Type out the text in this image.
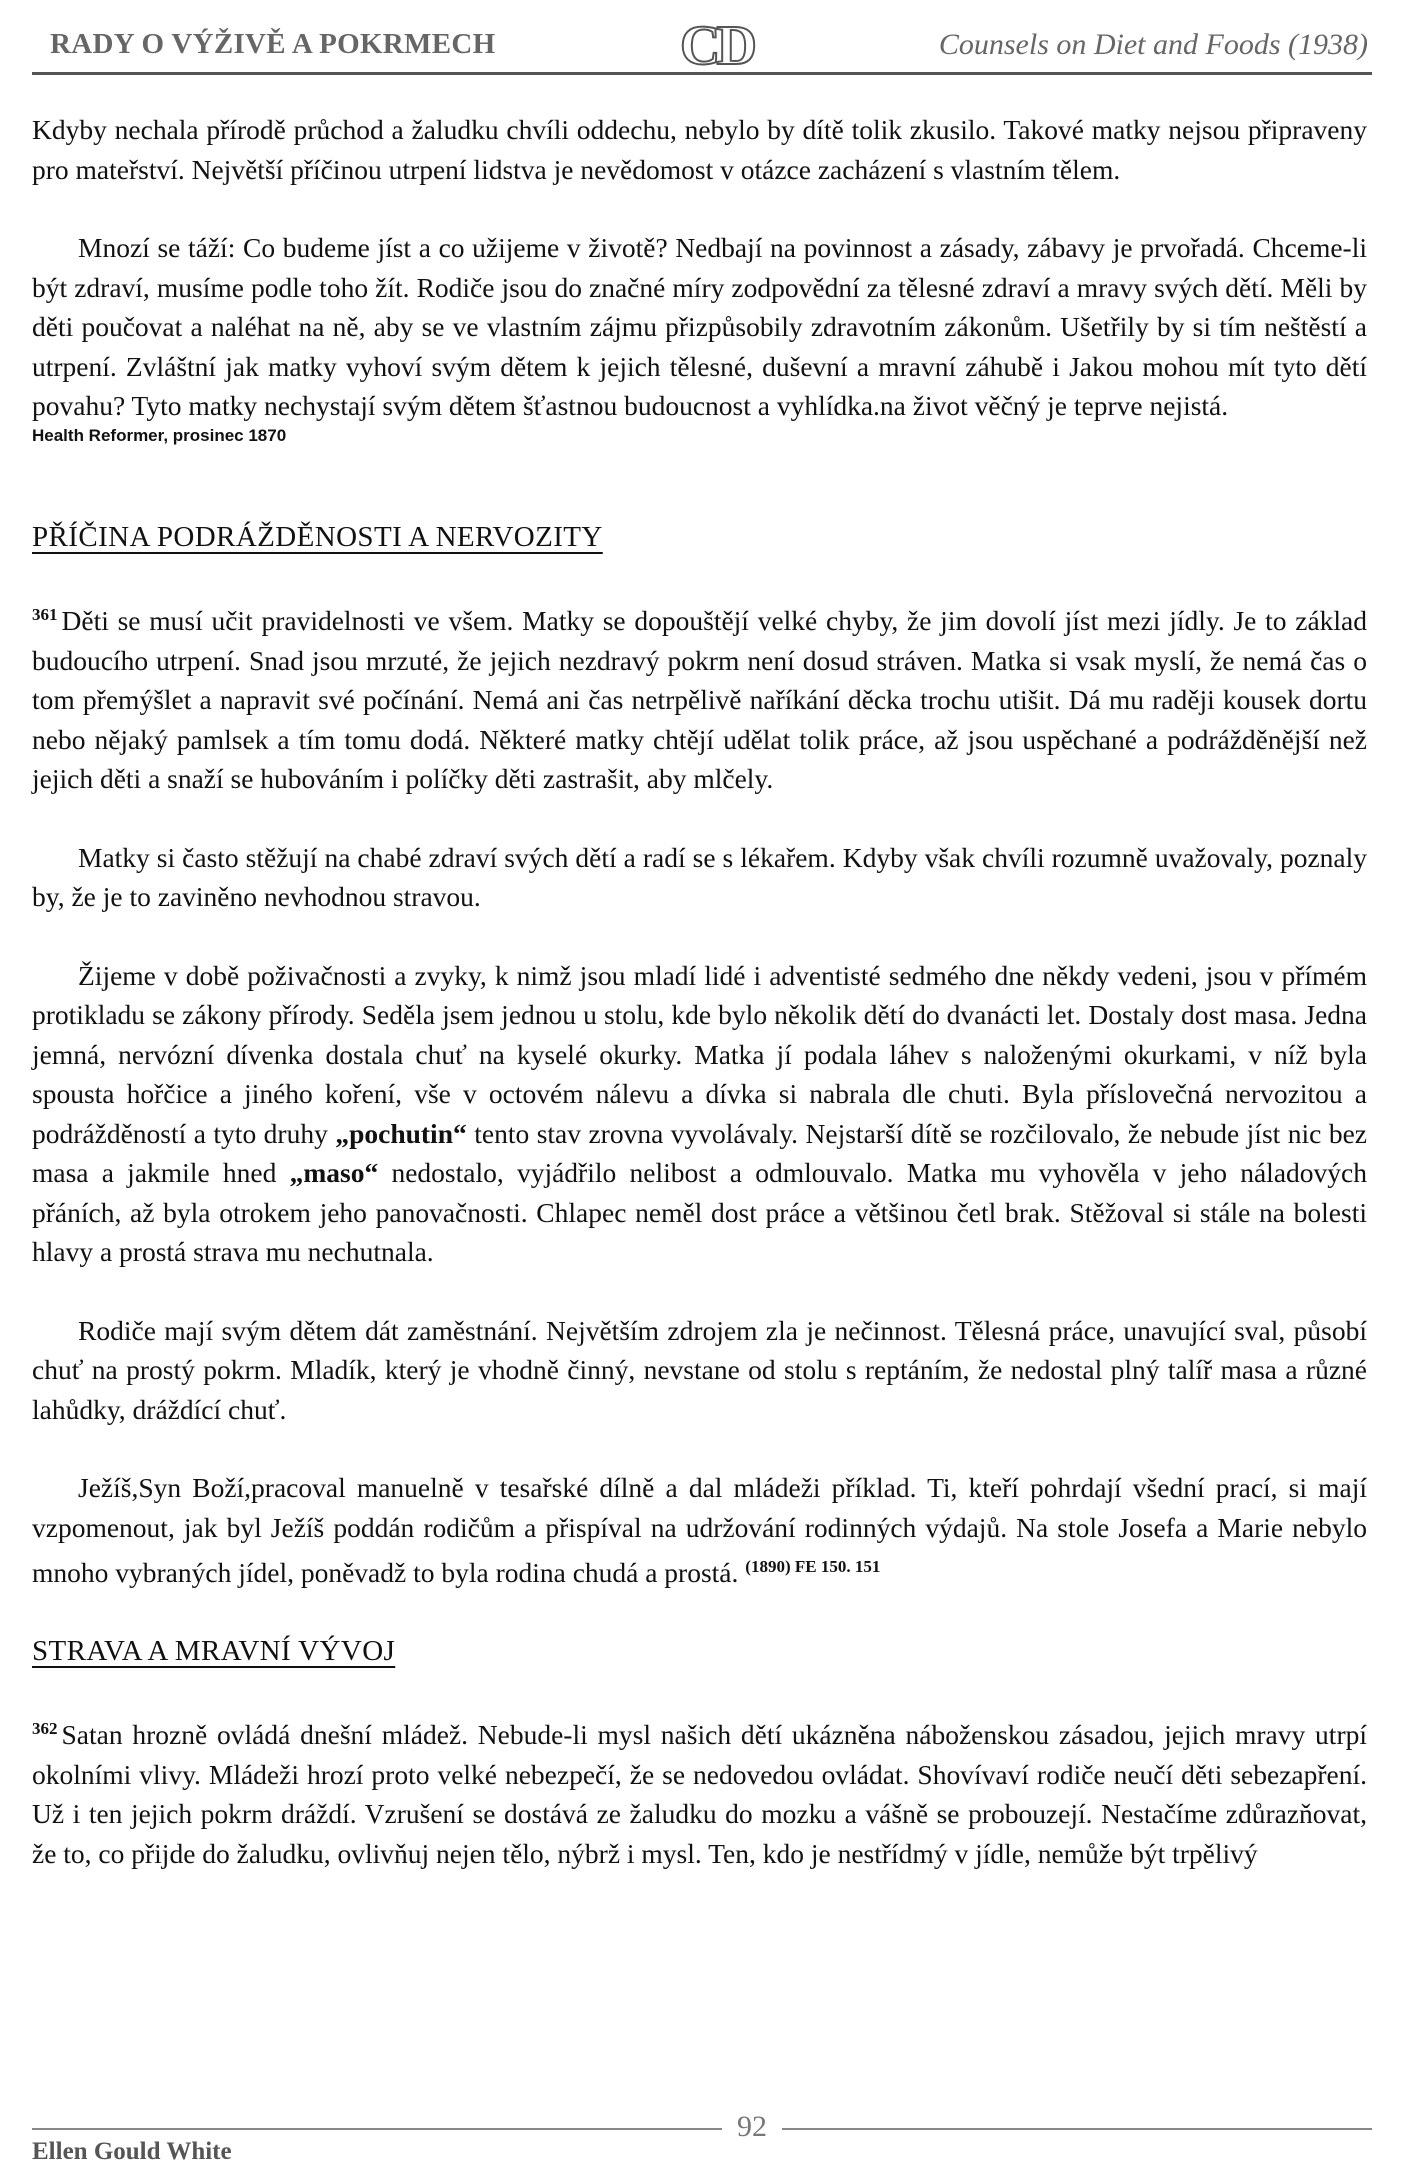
RADY O VÝŽIVĚ A POKRMECH	CD	Counsels on Diet and Foods (1938)

Kdyby nechala přírodě průchod a žaludku chvíli oddechu, nebylo by dítě tolik zkusilo. Takové matky nejsou připraveny pro mateřství. Největší příčinou utrpení lidstva je nevědomost v otázce zacházení s vlastním tělem.

Mnozí se táží: Co budeme jíst a co užijeme v životě? Nedbají na povinnost a zásady, zábavy je prvořadá. Chceme-li být zdraví, musíme podle toho žít. Rodiče jsou do značné míry zodpovědní za tělesné zdraví a mravy svých dětí. Měli by děti poučovat a naléhat na ně, aby se ve vlastním zájmu přizpůsobily zdravotním zákonům. Ušetřily by si tím neštěstí a utrpení. Zvláštní jak matky vyhoví svým dětem k jejich tělesné, duševní a mravní záhubě i Jakou mohou mít tyto dětí povahu? Tyto matky nechystají svým dětem šťastnou budoucnost a vyhlídka.na život věčný je teprve nejistá.

Health Reformer, prosinec 1870
PŘÍČINA PODRÁŽDĚNOSTI A NERVOZITY

$^{361}$ Děti se musí učit pravidelnosti ve všem. Matky se dopouštějí velké chyby, že jim dovolí jíst mezi jídly. Je to základ budoucího utrpení. Snad jsou mrzuté, že jejich nezdravý pokrm není dosud stráven. Matka si vsak myslí, že nemá čas o tom přemýšlet a napravit své počínání. Nemá ani čas netrpělivě naříkání děcka trochu utišit. Dá mu raději kousek dortu nebo nějaký pamlsek a tím tomu dodá. Některé matky chtějí udělat tolik práce, až jsou uspěchané a podrážděnější než jejich děti a snaží se hubováním i políčky děti zastrašit, aby mlčely.

Matky si často stěžují na chabé zdraví svých dětí a radí se s lékařem. Kdyby však chvíli rozumně uvažovaly, poznaly by, že je to zaviněno nevhodnou stravou.

Žijeme v době poživačnosti a zvyky, k nimž jsou mladí lidé i adventisté sedmého dne někdy vedeni, jsou v přímém protikladu se zákony přírody. Seděla jsem jednou u stolu, kde bylo několik dětí do dvanácti let. Dostaly dost masa. Jedna jemná, nervózní dívenka dostala chuť na kyselé okurky. Matka jí podala láhev s naloženými okurkami, v níž byla spousta hořčice a jiného koření, vše v octovém nálevu a dívka si nabrala dle chuti. Byla příslovečná nervozitou a podrážděností a tyto druhy „pochutin“ tento stav zrovna vyvolávaly. Nejstarší dítě se rozčilovalo, že nebude jíst nic bez masa a jakmile hned „maso“ nedostalo, vyjádřilo nelibost a odmlouvalo. Matka mu vyhověla v jeho náladových přáních, až byla otrokem jeho panovačnosti. Chlapec neměl dost práce a většinou četl brak. Stěžoval si stále na bolesti hlavy a prostá strava mu nechutnala.

Rodiče mají svým dětem dát zaměstnání. Největším zdrojem zla je nečinnost. Tělesná práce, unavující sval, působí chuť na prostý pokrm. Mladík, který je vhodně činný, nevstane od stolu s reptáním, že nedostal plný talíř masa a různé lahůdky, dráždící chuť.

Ježíš,Syn Boží,pracoval manuelně v tesařské dílně a dal mládeži příklad. Ti, kteří pohrdají všední prací, si mají vzpomenout, jak byl Ježíš poddán rodičům a přispíval na udržování rodinných výdajů. Na stole Josefa a Marie nebylo mnoho vybraných jídel, poněvadž to byla rodina chudá a prostá. $^{(1890) FE 150. 151}$

STRAVA A MRAVNÍ VÝVOJ

$^{362}$ Satan hrozně ovládá dnešní mládež. Nebude-li mysl našich dětí ukázněna náboženskou zásadou, jejich mravy utrpí okolními vlivy. Mládeži hrozí proto velké nebezpečí, že se nedovedou ovládat. Shovívaví rodiče neučí děti sebezapření. Už i ten jejich pokrm dráždí. Vzrušení se dostává ze žaludku do mozku a vášně se probouzejí. Nestačíme zdůrazňovat, že to, co přijde do žaludku, ovlivňuj nejen tělo, nýbrž i mysl. Ten, kdo je nestřídmý v jídle, nemůže být trpělivý

92
Ellen Gould White
